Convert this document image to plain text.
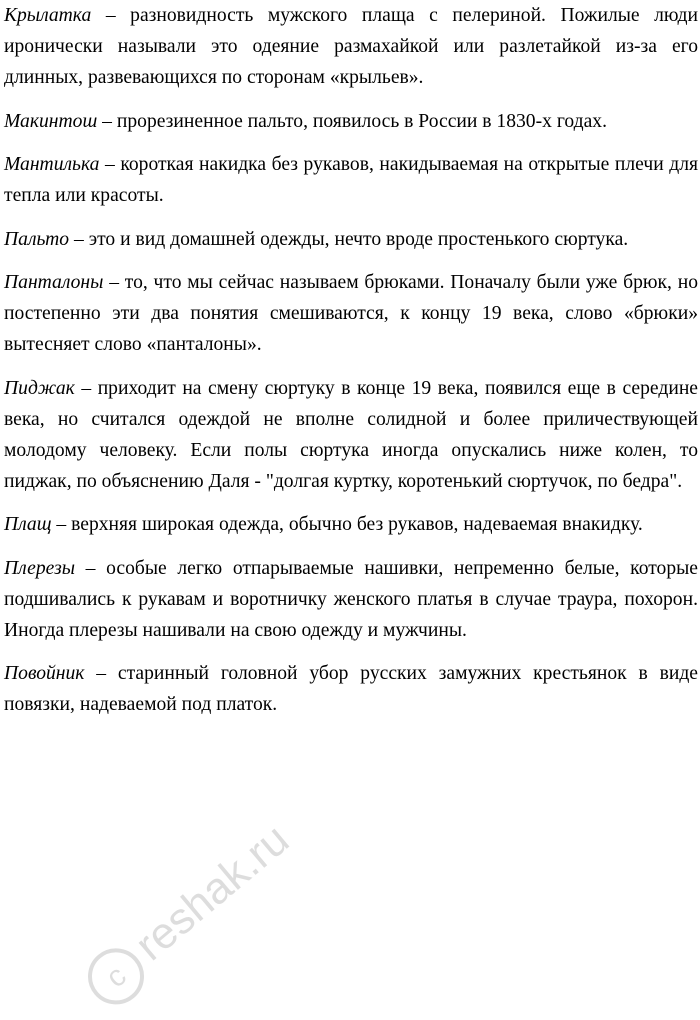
Крылатка – разновидность мужского плаща с пелериной. Пожилые люди иронически называли это одеяние размахайкой или разлетайкой из-за его длинных, развевающихся по сторонам «крыльев».

Макинтош – прорезиненное пальто, появилось в России в 1830-х годах.

Мантилька – короткая накидка без рукавов, накидываемая на открытые плечи для тепла или красоты.

Пальто – это и вид домашней одежды, нечто вроде простенького сюртука.

Панталоны – то, что мы сейчас называем брюками. Поначалу были уже брюк, но постепенно эти два понятия смешиваются, к концу 19 века, слово «брюки» вытесняет слово «панталоны».

Пиджак – приходит на смену сюртуку в конце 19 века, появился еще в середине века, но считался одеждой не вполне солидной и более приличествующей молодому человеку. Если полы сюртука иногда опускались ниже колен, то пиджак, по объяснению Даля - "долгая куртку, коротенький сюртучок, по бедра".

Плащ – верхняя широкая одежда, обычно без рукавов, надеваемая внакидку.

Плерезы – особые легко отпарываемые нашивки, непременно белые, которые подшивались к рукавам и воротничку женского платья в случае траура, похорон. Иногда плерезы нашивали на свою одежду и мужчины.

Повойник – старинный головной убор русских замужних крестьянок в виде повязки, надеваемой под платок.

c
reshak.ru
